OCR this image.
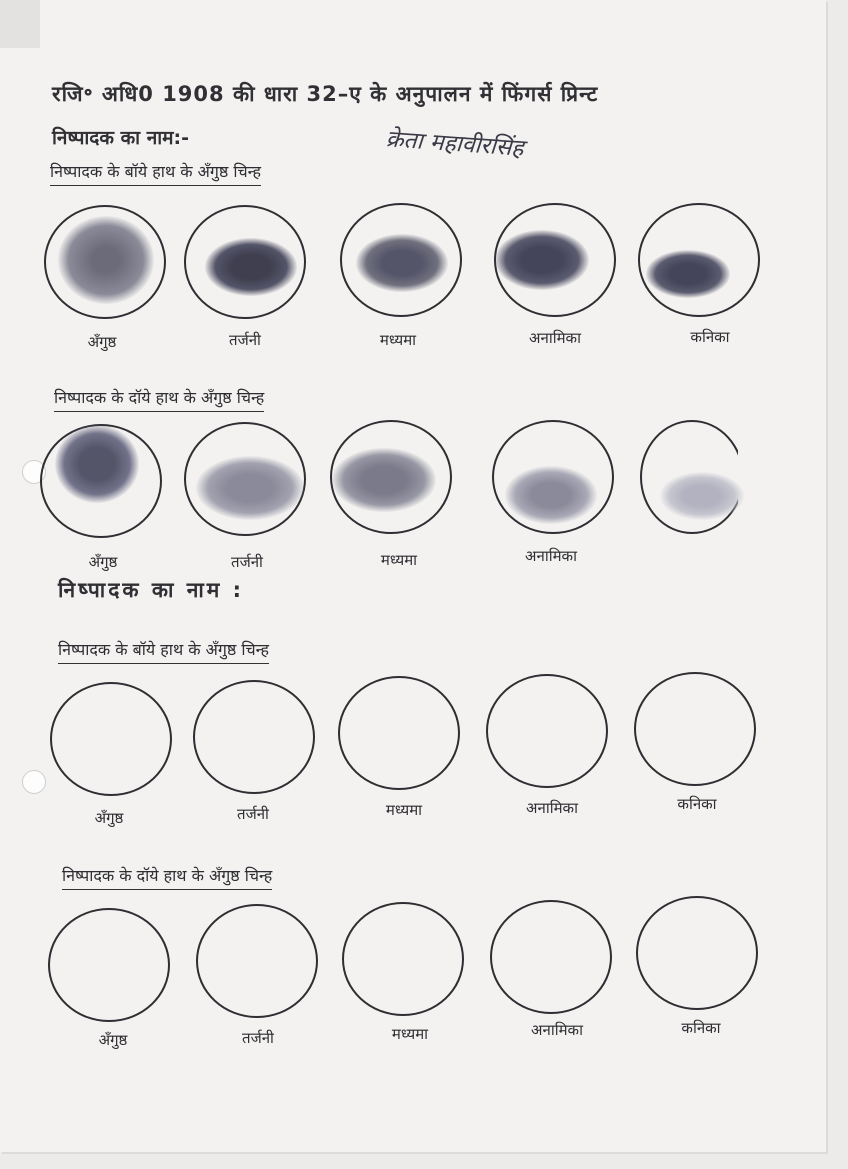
रजि॰ अधि0 1908 की धारा 32–ए के अनुपालन में फिंगर्स प्रिन्ट
निष्पादक का नाम:-	क्रेता महावीरसिंह
निष्पादक के बॉये हाथ के अँगुष्ठ चिन्ह
अँगुष्ठ	तर्जनी	मध्यमा	अनामिका	कनिका
निष्पादक के दॉये हाथ के अँगुष्ठ चिन्ह
अँगुष्ठ	तर्जनी	मध्यमा	अनामिका
निष्पादक का नाम :
निष्पादक के बॉये हाथ के अँगुष्ठ चिन्ह
अँगुष्ठ	तर्जनी	मध्यमा	अनामिका	कनिका
निष्पादक के दॉये हाथ के अँगुष्ठ चिन्ह
अँगुष्ठ	तर्जनी	मध्यमा	अनामिका	कनिका
